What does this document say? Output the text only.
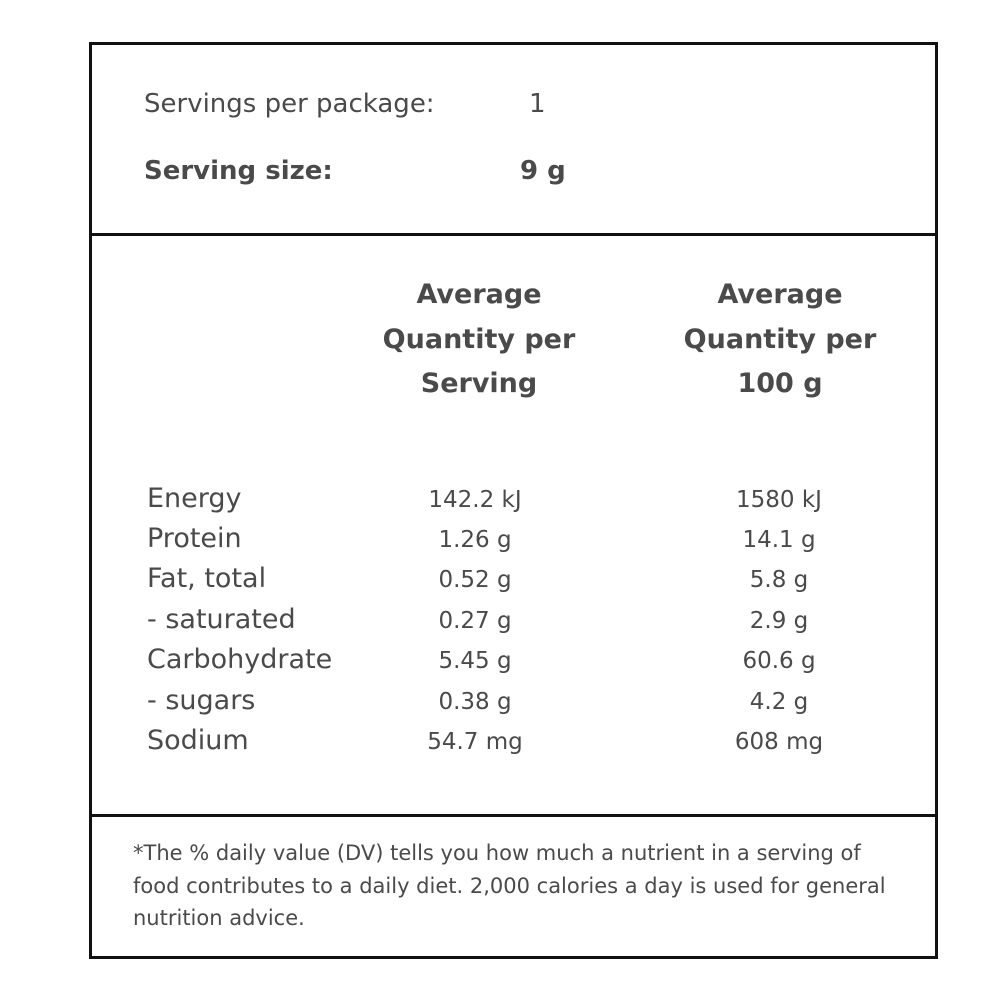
Servings per package:	1
Serving size:	9 g
Average
Quantity per
Serving
Average
Quantity per
100 g
Energy	142.2 kJ	1580 kJ
Protein	1.26 g	14.1 g
Fat, total	0.52 g	5.8 g
- saturated	0.27 g	2.9 g
Carbohydrate	5.45 g	60.6 g
- sugars	0.38 g	4.2 g
Sodium	54.7 mg	608 mg
*The % daily value (DV) tells you how much a nutrient in a serving of food contributes to a daily diet. 2,000 calories a day is used for general nutrition advice.
